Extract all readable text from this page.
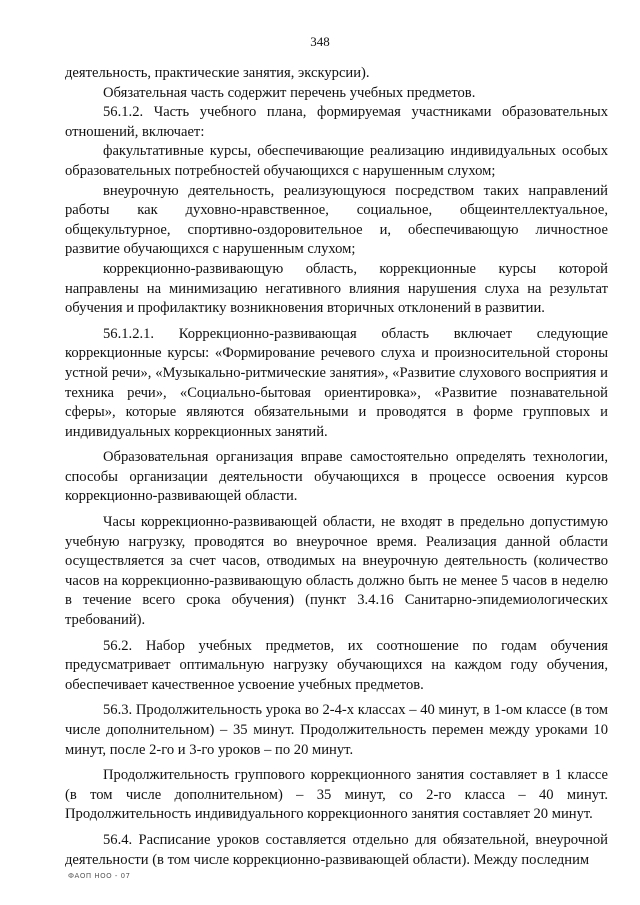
348

деятельность, практические занятия, экскурсии).

Обязательная часть содержит перечень учебных предметов.

56.1.2. Часть учебного плана, формируемая участниками образовательных отношений, включает:

факультативные курсы, обеспечивающие реализацию индивидуальных особых образовательных потребностей обучающихся с нарушенным слухом;

внеурочную деятельность, реализующуюся посредством таких направлений работы как духовно-нравственное, социальное, общеинтеллектуальное, общекультурное, спортивно-оздоровительное и, обеспечивающую личностное развитие обучающихся с нарушенным слухом;

коррекционно-развивающую область, коррекционные курсы которой направлены на минимизацию негативного влияния нарушения слуха на результат обучения и профилактику возникновения вторичных отклонений в развитии.

56.1.2.1. Коррекционно-развивающая область включает следующие коррекционные курсы: «Формирование речевого слуха и произносительной стороны устной речи», «Музыкально-ритмические занятия», «Развитие слухового восприятия и техника речи», «Социально-бытовая ориентировка», «Развитие познавательной сферы», которые являются обязательными и проводятся в форме групповых и индивидуальных коррекционных занятий.

Образовательная организация вправе самостоятельно определять технологии, способы организации деятельности обучающихся в процессе освоения курсов коррекционно-развивающей области.

Часы коррекционно-развивающей области, не входят в предельно допустимую учебную нагрузку, проводятся во внеурочное время. Реализация данной области осуществляется за счет часов, отводимых на внеурочную деятельность (количество часов на коррекционно-развивающую область должно быть не менее 5 часов в неделю в течение всего срока обучения) (пункт 3.4.16 Санитарно-эпидемиологических требований).

56.2. Набор учебных предметов, их соотношение по годам обучения предусматривает оптимальную нагрузку обучающихся на каждом году обучения, обеспечивает качественное усвоение учебных предметов.

56.3. Продолжительность урока во 2-4-х классах – 40 минут, в 1-ом классе (в том числе дополнительном) – 35 минут. Продолжительность перемен между уроками 10 минут, после 2-го и 3-го уроков – по 20 минут.

Продолжительность группового коррекционного занятия составляет в 1 классе (в том числе дополнительном) – 35 минут, со 2-го класса – 40 минут. Продолжительность индивидуального коррекционного занятия составляет 20 минут.

56.4. Расписание уроков составляется отдельно для обязательной, внеурочной деятельности (в том числе коррекционно-развивающей области). Между последним

ФАОП НОО - 07
